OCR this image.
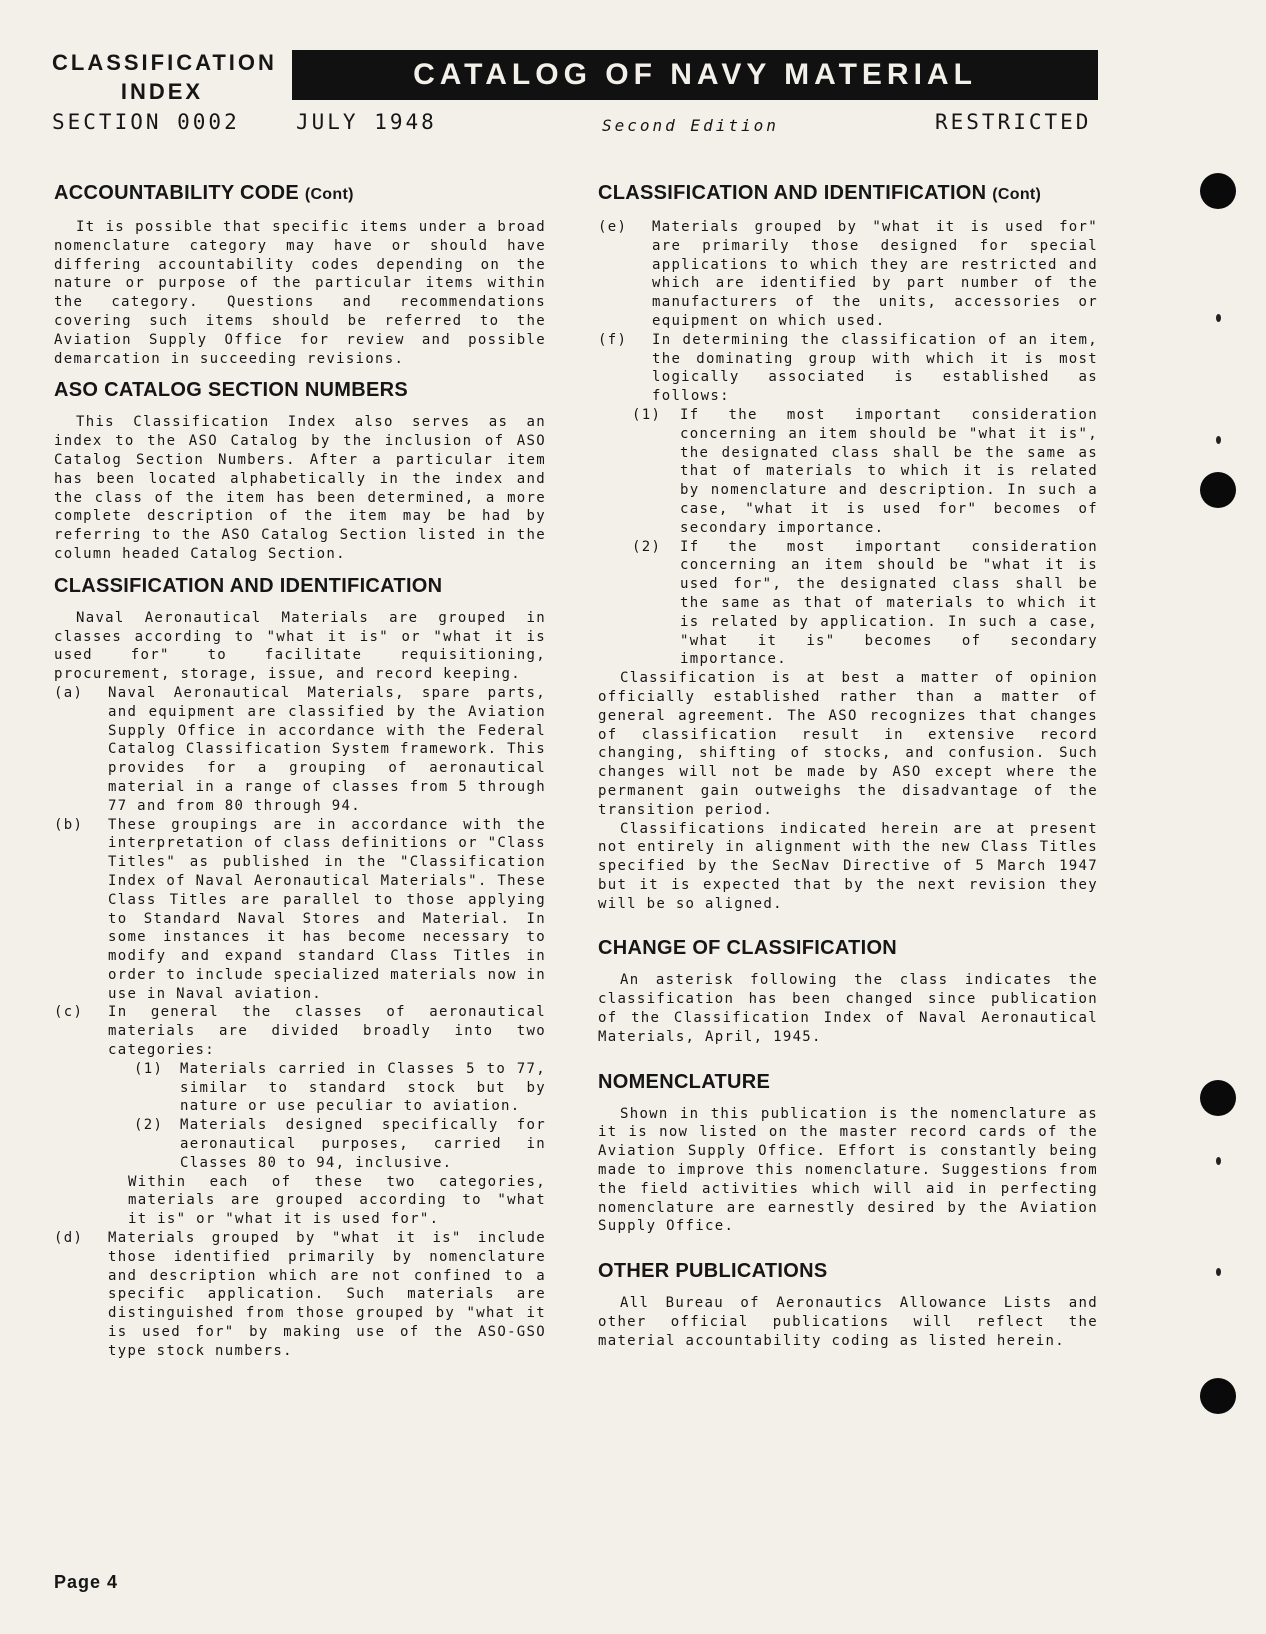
CLASSIFICATION
INDEX
CATALOG OF NAVY MATERIAL
SECTION 0002	JULY 1948	Second Edition	RESTRICTED
ACCOUNTABILITY CODE (Cont)

It is possible that specific items under a broad nomenclature category may have or should have differing accountability codes depending on the nature or purpose of the particular items within the category. Questions and recommendations covering such items should be referred to the Aviation Supply Office for review and possible demarcation in succeeding revisions.

ASO CATALOG SECTION NUMBERS

This Classification Index also serves as an index to the ASO Catalog by the inclusion of ASO Catalog Section Numbers. After a particular item has been located alphabetically in the index and the class of the item has been determined, a more complete description of the item may be had by referring to the ASO Catalog Section listed in the column headed Catalog Section.

CLASSIFICATION AND IDENTIFICATION

Naval Aeronautical Materials are grouped in classes according to "what it is" or "what it is used for" to facilitate requisitioning, procurement, storage, issue, and record keeping.

(a)	Naval Aeronautical Materials, spare parts, and equipment are classified by the Aviation Supply Office in accordance with the Federal Catalog Classification System framework. This provides for a grouping of aeronautical material in a range of classes from 5 through 77 and from 80 through 94.
(b)	These groupings are in accordance with the interpretation of class definitions or "Class Titles" as published in the "Classification Index of Naval Aeronautical Materials". These Class Titles are parallel to those applying to Standard Naval Stores and Material. In some instances it has become necessary to modify and expand standard Class Titles in order to include specialized materials now in use in Naval aviation.
(c)	In general the classes of aeronautical materials are divided broadly into two categories:
(1)	Materials carried in Classes 5 to 77, similar to standard stock but by nature or use peculiar to aviation.
(2)	Materials designed specifically for aeronautical purposes, carried in Classes 80 to 94, inclusive.
Within each of these two categories, materials are grouped according to "what it is" or "what it is used for".
(d)	Materials grouped by "what it is" include those identified primarily by nomenclature and description which are not confined to a specific application. Such materials are distinguished from those grouped by "what it is used for" by making use of the ASO-GSO type stock numbers.
CLASSIFICATION AND IDENTIFICATION (Cont)
(e)	Materials grouped by "what it is used for" are primarily those designed for special applications to which they are restricted and which are identified by part number of the manufacturers of the units, accessories or equipment on which used.
(f)	In determining the classification of an item, the dominating group with which it is most logically associated is established as follows:
(1)	If the most important consideration concerning an item should be "what it is", the designated class shall be the same as that of materials to which it is related by nomenclature and description. In such a case, "what it is used for" becomes of secondary importance.
(2)	If the most important consideration concerning an item should be "what it is used for", the designated class shall be the same as that of materials to which it is related by application. In such a case, "what it is" becomes of secondary importance.

Classification is at best a matter of opinion officially established rather than a matter of general agreement. The ASO recognizes that changes of classification result in extensive record changing, shifting of stocks, and confusion. Such changes will not be made by ASO except where the permanent gain outweighs the disadvantage of the transition period.

Classifications indicated herein are at present not entirely in alignment with the new Class Titles specified by the SecNav Directive of 5 March 1947 but it is expected that by the next revision they will be so aligned.

CHANGE OF CLASSIFICATION

An asterisk following the class indicates the classification has been changed since publication of the Classification Index of Naval Aeronautical Materials, April, 1945.

NOMENCLATURE

Shown in this publication is the nomenclature as it is now listed on the master record cards of the Aviation Supply Office. Effort is constantly being made to improve this nomenclature. Suggestions from the field activities which will aid in perfecting nomenclature are earnestly desired by the Aviation Supply Office.

OTHER PUBLICATIONS

All Bureau of Aeronautics Allowance Lists and other official publications will reflect the material accountability coding as listed herein.

Page 4
